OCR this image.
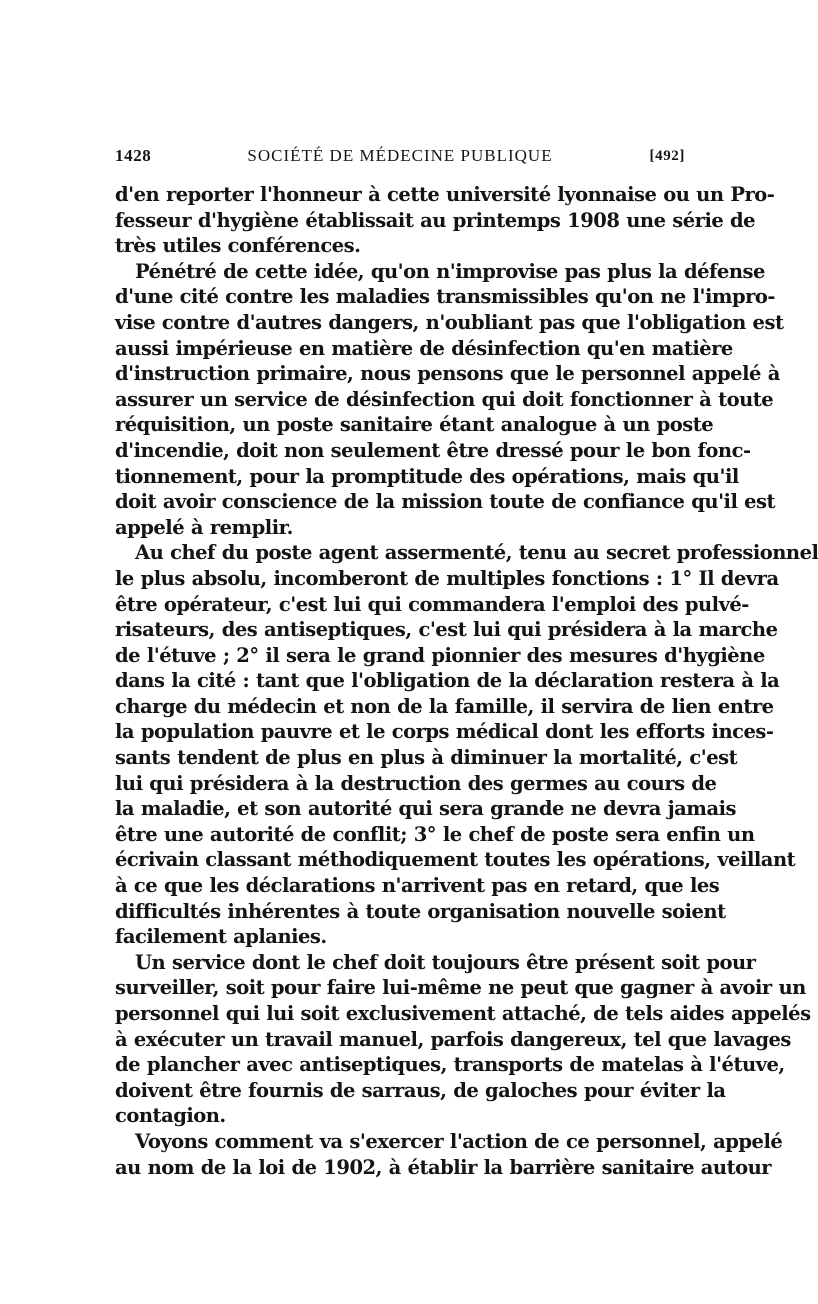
1428	SOCIÉTÉ DE MÉDECINE PUBLIQUE	[492]
d'en reporter l'honneur à cette université lyonnaise ou un Pro-
fesseur d'hygiène établissait au printemps 1908 une série de
très utiles conférences.
Pénétré de cette idée, qu'on n'improvise pas plus la défense
d'une cité contre les maladies transmissibles qu'on ne l'impro-
vise contre d'autres dangers, n'oubliant pas que l'obligation est
aussi impérieuse en matière de désinfection qu'en matière
d'instruction primaire, nous pensons que le personnel appelé à
assurer un service de désinfection qui doit fonctionner à toute
réquisition, un poste sanitaire étant analogue à un poste
d'incendie, doit non seulement être dressé pour le bon fonc-
tionnement, pour la promptitude des opérations, mais qu'il
doit avoir conscience de la mission toute de confiance qu'il est
appelé à remplir.
Au chef du poste agent assermenté, tenu au secret professionnel
le plus absolu, incomberont de multiples fonctions : 1° Il devra
être opérateur, c'est lui qui commandera l'emploi des pulvé-
risateurs, des antiseptiques, c'est lui qui présidera à la marche
de l'étuve ; 2° il sera le grand pionnier des mesures d'hygiène
dans la cité : tant que l'obligation de la déclaration restera à la
charge du médecin et non de la famille, il servira de lien entre
la population pauvre et le corps médical dont les efforts inces-
sants tendent de plus en plus à diminuer la mortalité, c'est
lui qui présidera à la destruction des germes au cours de
la maladie, et son autorité qui sera grande ne devra jamais
être une autorité de conflit; 3° le chef de poste sera enfin un
écrivain classant méthodiquement toutes les opérations, veillant
à ce que les déclarations n'arrivent pas en retard, que les
difficultés inhérentes à toute organisation nouvelle soient
facilement aplanies.
Un service dont le chef doit toujours être présent soit pour
surveiller, soit pour faire lui-même ne peut que gagner à avoir un
personnel qui lui soit exclusivement attaché, de tels aides appelés
à exécuter un travail manuel, parfois dangereux, tel que lavages
de plancher avec antiseptiques, transports de matelas à l'étuve,
doivent être fournis de sarraus, de galoches pour éviter la
contagion.
Voyons comment va s'exercer l'action de ce personnel, appelé
au nom de la loi de 1902, à établir la barrière sanitaire autour
